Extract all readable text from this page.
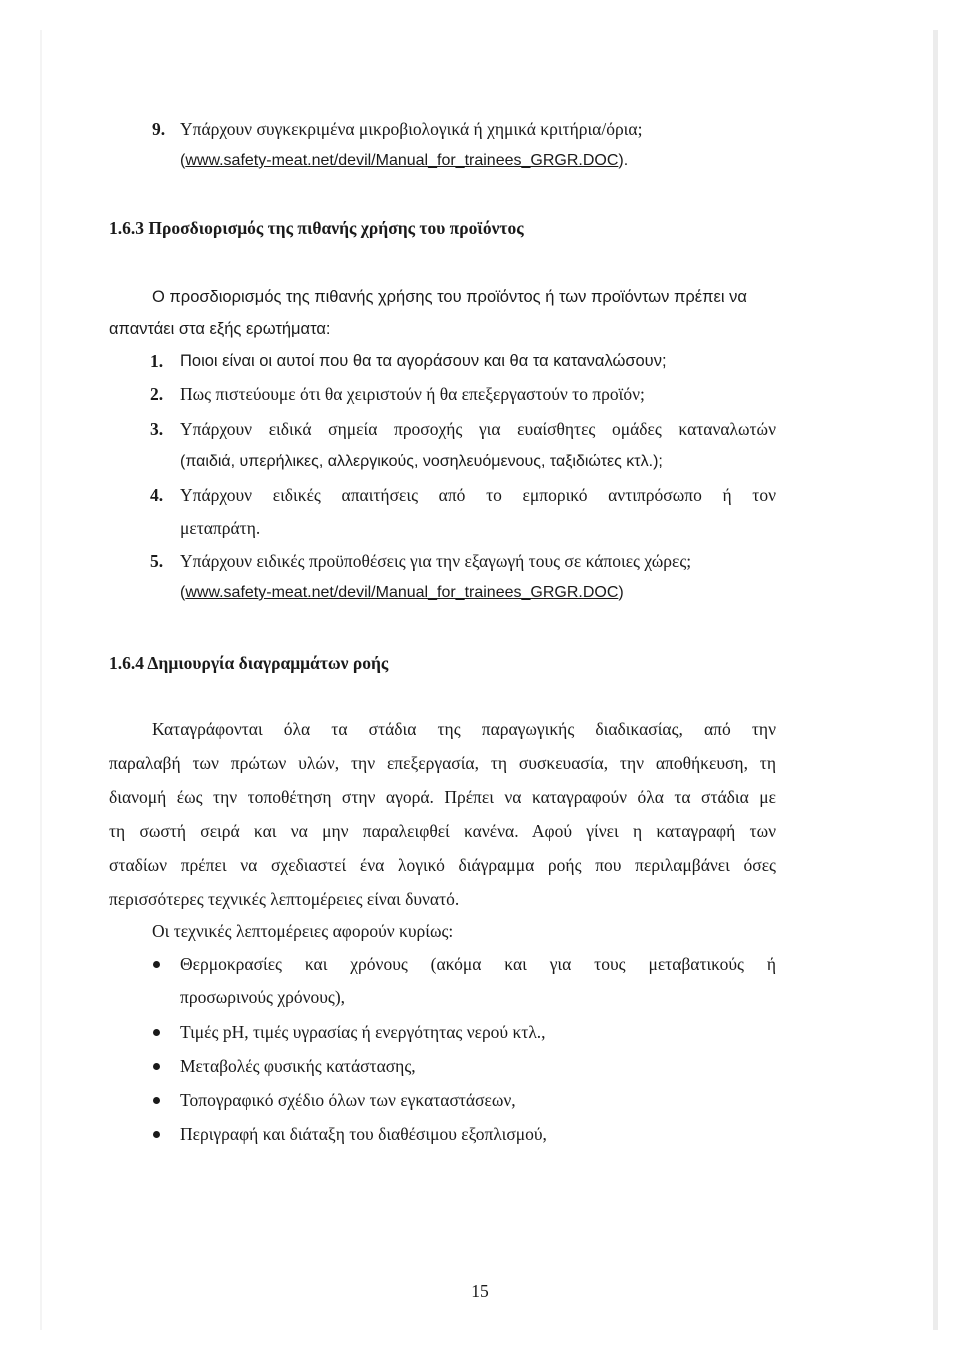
9. Υπάρχουν συγκεκριμένα μικροβιολογικά ή χημικά κριτήρια/όρια;
(www.safety-meat.net/devil/Manual_for_trainees_GRGR.DOC).
1.6.3 Προσδιορισμός της πιθανής χρήσης του προϊόντος
Ο προσδιορισμός της πιθανής χρήσης του προϊόντος ή των προϊόντων πρέπει να
απαντάει στα εξής ερωτήματα:
1. Ποιοι είναι οι αυτοί που θα τα αγοράσουν και θα τα καταναλώσουν;
2. Πως πιστεύουμε ότι θα χειριστούν ή θα επεξεργαστούν το προϊόν;
3. Υπάρχουν ειδικά σημεία προσοχής για ευαίσθητες ομάδες καταναλωτών
(παιδιά, υπερήλικες, αλλεργικούς, νοσηλευόμενους, ταξιδιώτες κτλ.);
4. Υπάρχουν ειδικές απαιτήσεις από το εμπορικό αντιπρόσωπο ή τον
μεταπράτη.
5. Υπάρχουν ειδικές προϋποθέσεις για την εξαγωγή τους σε κάποιες χώρες;
(www.safety-meat.net/devil/Manual_for_trainees_GRGR.DOC)
1.6.4 Δημιουργία διαγραμμάτων ροής
Καταγράφονται όλα τα στάδια της παραγωγικής διαδικασίας, από την
παραλαβή των πρώτων υλών, την επεξεργασία, τη συσκευασία, την αποθήκευση, τη
διανομή έως την τοποθέτηση στην αγορά. Πρέπει να καταγραφούν όλα τα στάδια με
τη σωστή σειρά και να μην παραλειφθεί κανένα. Αφού γίνει η καταγραφή των
σταδίων πρέπει να σχεδιαστεί ένα λογικό διάγραμμα ροής που περιλαμβάνει όσες
περισσότερες τεχνικές λεπτομέρειες είναι δυνατό.
Οι τεχνικές λεπτομέρειες αφορούν κυρίως:
Θερμοκρασίες και χρόνους (ακόμα και για τους μεταβατικούς ή
προσωρινούς χρόνους),
Τιμές pH, τιμές υγρασίας ή ενεργότητας νερού κτλ.,
Μεταβολές φυσικής κατάστασης,
Τοπογραφικό σχέδιο όλων των εγκαταστάσεων,
Περιγραφή και διάταξη του διαθέσιμου εξοπλισμού,
15
